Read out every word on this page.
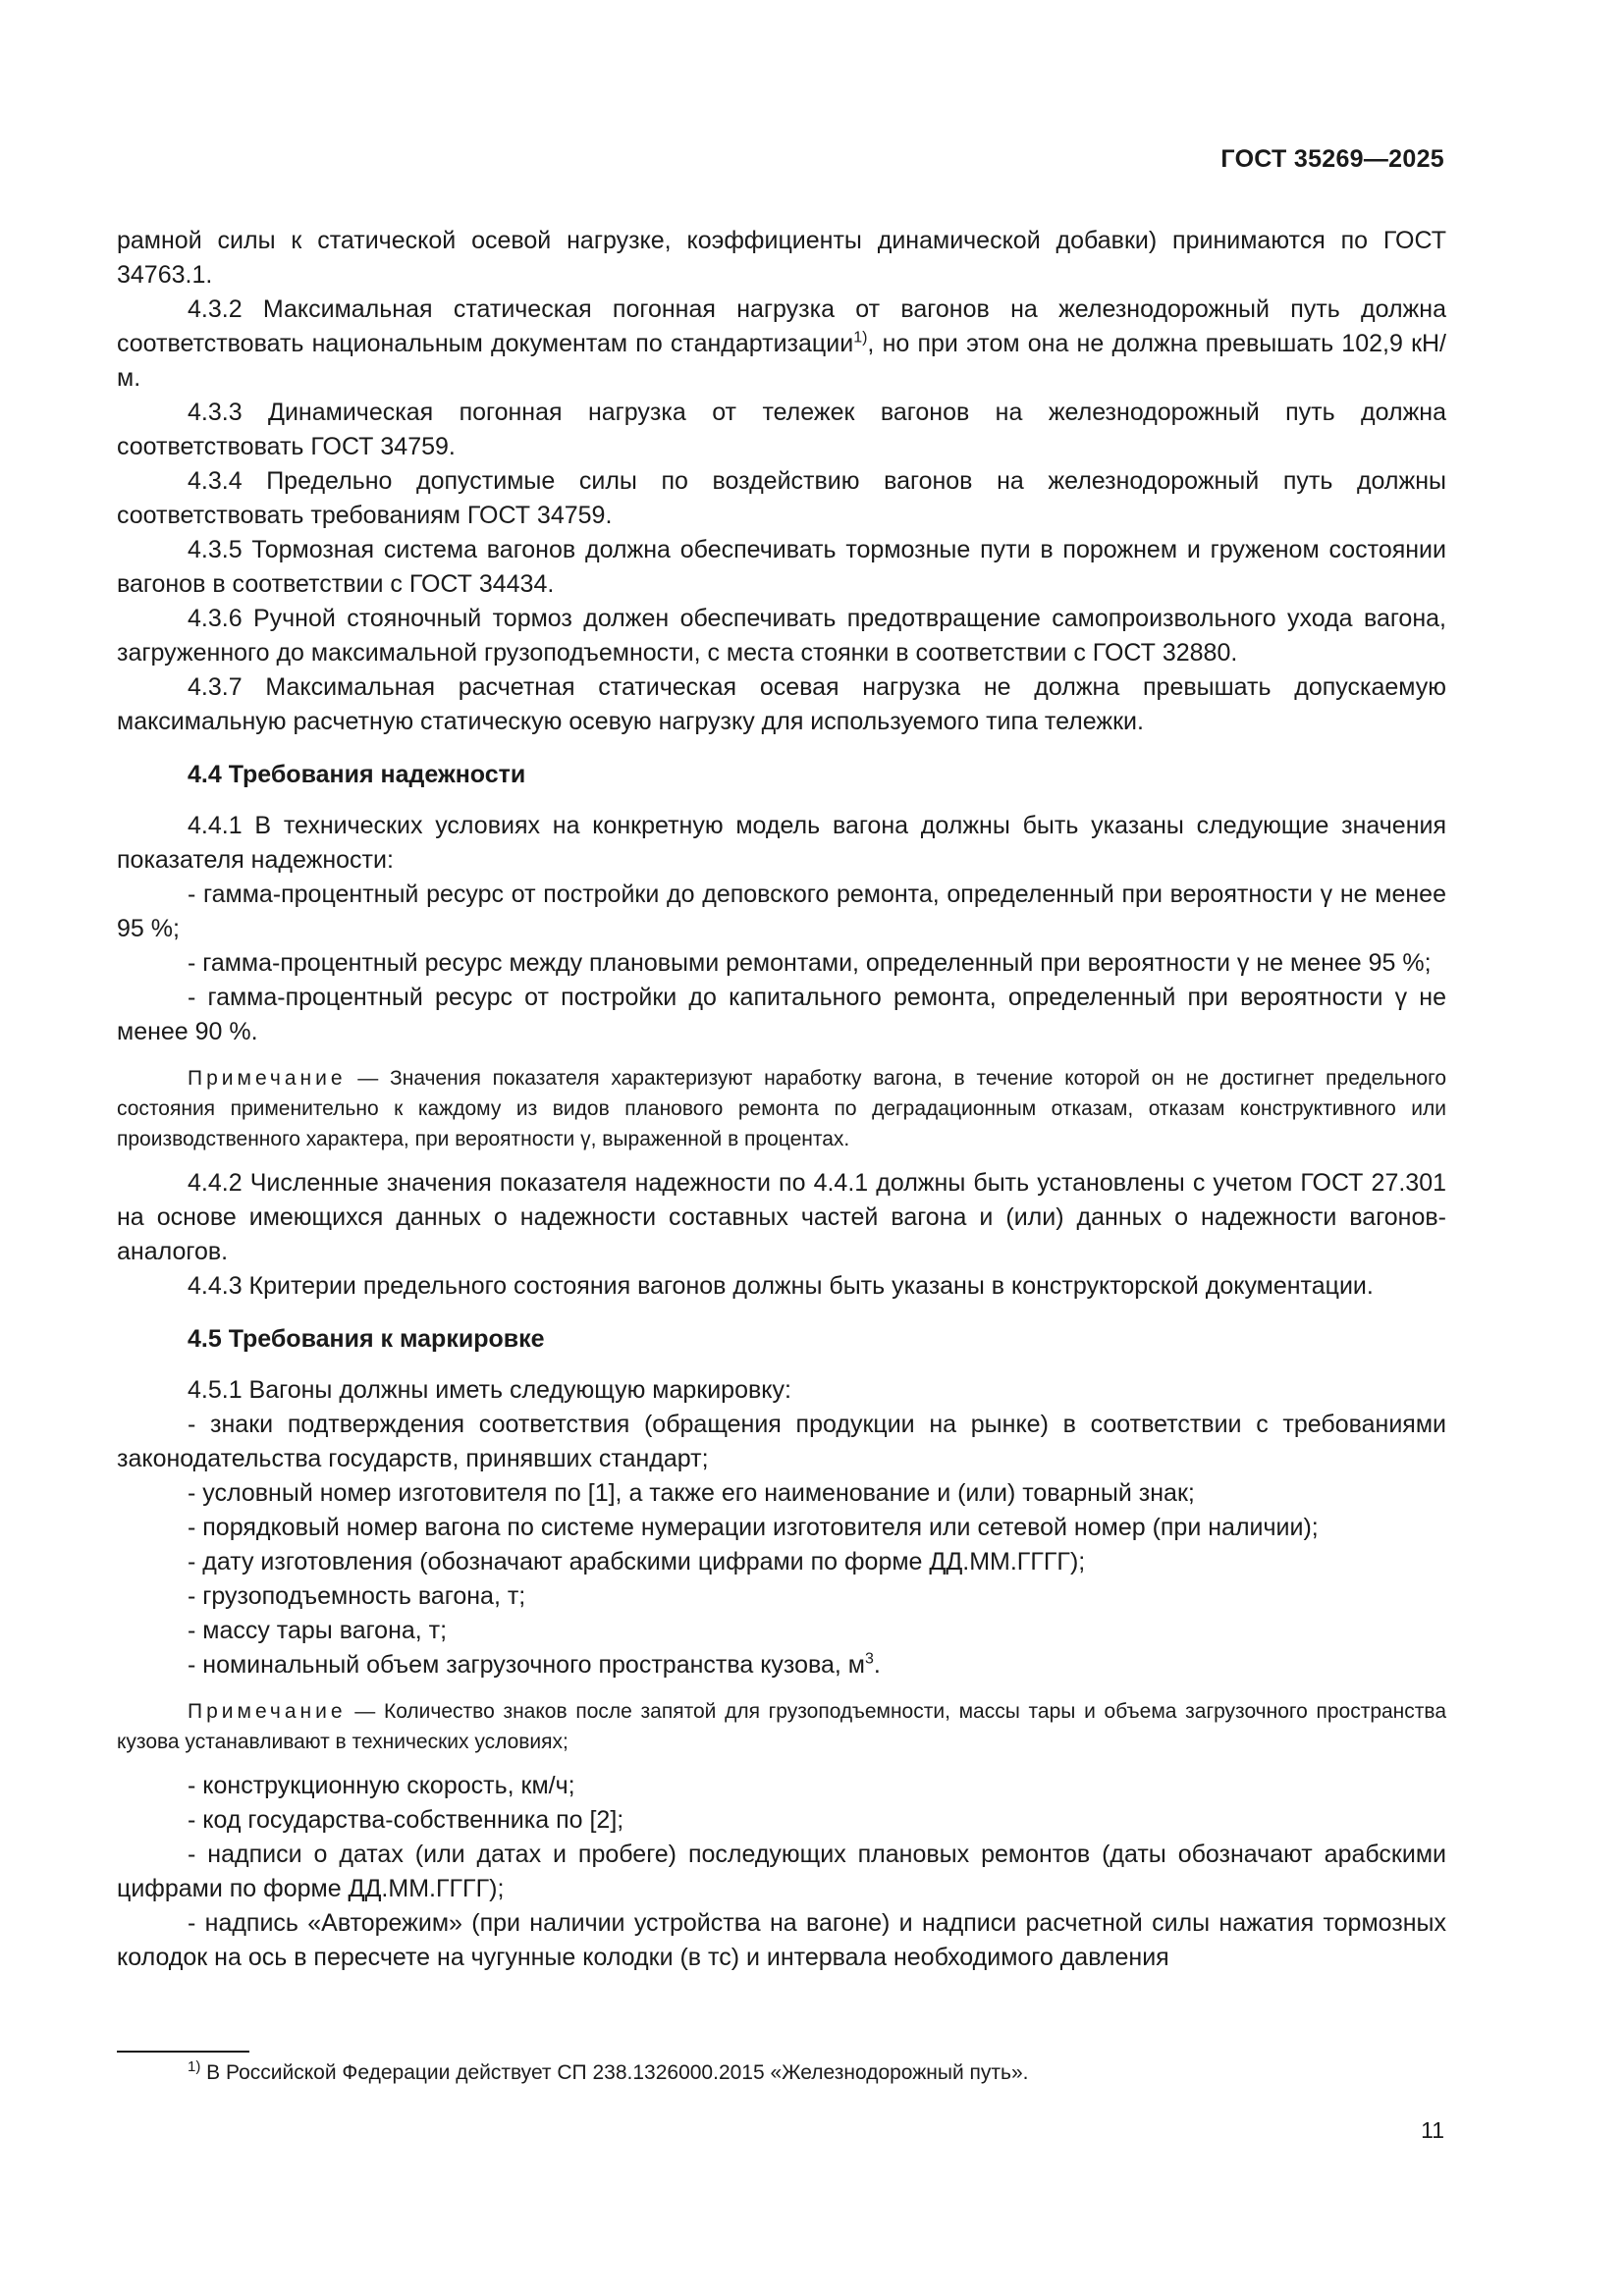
ГОСТ 35269—2025

рамной силы к статической осевой нагрузке, коэффициенты динамической добавки) принимаются по ГОСТ 34763.1.

4.3.2 Максимальная статическая погонная нагрузка от вагонов на железнодорожный путь должна соответствовать национальным документам по стандартизации$^{1)}$, но при этом она не должна превышать 102,9 кН/м.

4.3.3 Динамическая погонная нагрузка от тележек вагонов на железнодорожный путь должна соответствовать ГОСТ 34759.

4.3.4 Предельно допустимые силы по воздействию вагонов на железнодорожный путь должны соответствовать требованиям ГОСТ 34759.

4.3.5 Тормозная система вагонов должна обеспечивать тормозные пути в порожнем и груженом состоянии вагонов в соответствии с ГОСТ 34434.

4.3.6 Ручной стояночный тормоз должен обеспечивать предотвращение самопроизвольного ухода вагона, загруженного до максимальной грузоподъемности, с места стоянки в соответствии с ГОСТ 32880.

4.3.7 Максимальная расчетная статическая осевая нагрузка не должна превышать допускаемую максимальную расчетную статическую осевую нагрузку для используемого типа тележки.

4.4 Требования надежности

4.4.1 В технических условиях на конкретную модель вагона должны быть указаны следующие значения показателя надежности:

- гамма-процентный ресурс от постройки до деповского ремонта, определенный при вероятности γ не менее 95 %;

- гамма-процентный ресурс между плановыми ремонтами, определенный при вероятности γ не менее 95 %;

- гамма-процентный ресурс от постройки до капитального ремонта, определенный при вероятности γ не менее 90 %.

Примечание — Значения показателя характеризуют наработку вагона, в течение которой он не достигнет предельного состояния применительно к каждому из видов планового ремонта по деградационным отказам, отказам конструктивного или производственного характера, при вероятности γ, выраженной в процентах.

4.4.2 Численные значения показателя надежности по 4.4.1 должны быть установлены с учетом ГОСТ 27.301 на основе имеющихся данных о надежности составных частей вагона и (или) данных о надежности вагонов-аналогов.

4.4.3 Критерии предельного состояния вагонов должны быть указаны в конструкторской документации.

4.5 Требования к маркировке

4.5.1 Вагоны должны иметь следующую маркировку:

- знаки подтверждения соответствия (обращения продукции на рынке) в соответствии с требованиями законодательства государств, принявших стандарт;

- условный номер изготовителя по [1], а также его наименование и (или) товарный знак;

- порядковый номер вагона по системе нумерации изготовителя или сетевой номер (при наличии);

- дату изготовления (обозначают арабскими цифрами по форме ДД.ММ.ГГГГ);

- грузоподъемность вагона, т;

- массу тары вагона, т;

- номинальный объем загрузочного пространства кузова, $м^3$.

Примечание — Количество знаков после запятой для грузоподъемности, массы тары и объема загрузочного пространства кузова устанавливают в технических условиях;

- конструкционную скорость, км/ч;

- код государства-собственника по [2];

- надписи о датах (или датах и пробеге) последующих плановых ремонтов (даты обозначают арабскими цифрами по форме ДД.ММ.ГГГГ);

- надпись «Авторежим» (при наличии устройства на вагоне) и надписи расчетной силы нажатия тормозных колодок на ось в пересчете на чугунные колодки (в тс) и интервала необходимого давления

$^{1)}$ В Российской Федерации действует СП 238.1326000.2015 «Железнодорожный путь».
11
